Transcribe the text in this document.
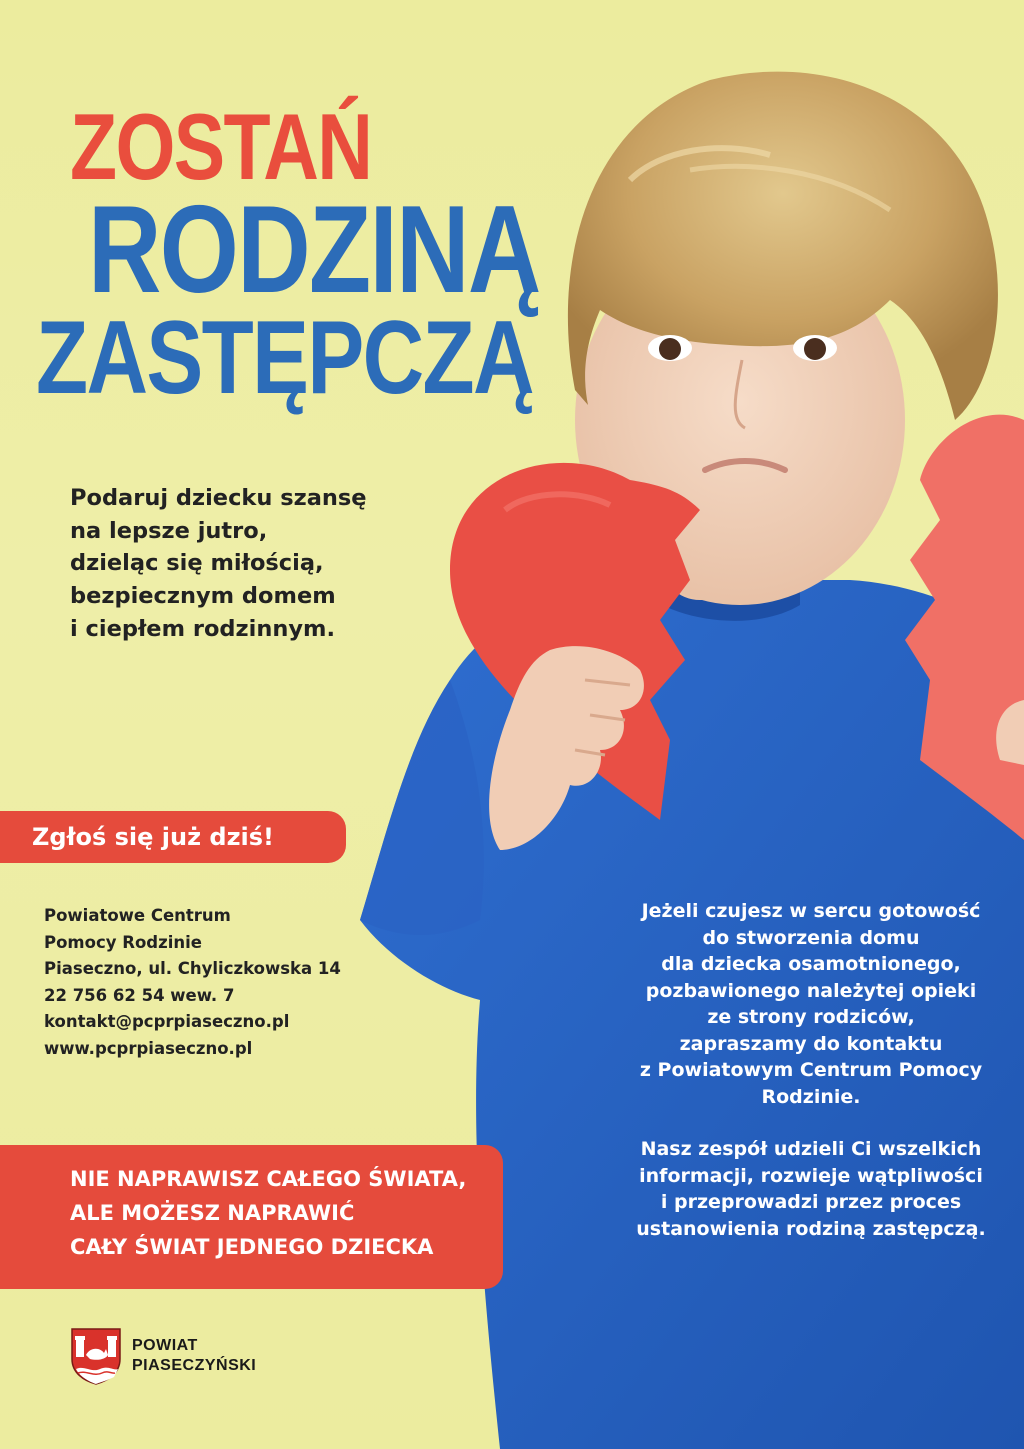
ZOSTAŃ
RODZINĄ
ZASTĘPCZĄ
Podaruj dziecku szansę
na lepsze jutro,
dzieląc się miłością,
bezpiecznym domem
i ciepłem rodzinnym.
Zgłoś się już dziś!
Powiatowe Centrum
Pomocy Rodzinie
Piaseczno, ul. Chyliczkowska 14
22 756 62 54 wew. 7
kontakt@pcprpiaseczno.pl
www.pcprpiaseczno.pl
Jeżeli czujesz w sercu gotowość
do stworzenia domu
dla dziecka osamotnionego,
pozbawionego należytej opieki
ze strony rodziców,
zapraszamy do kontaktu
z Powiatowym Centrum Pomocy
Rodzinie.
Nasz zespół udzieli Ci wszelkich
informacji, rozwieje wątpliwości
i przeprowadzi przez proces
ustanowienia rodziną zastępczą.
NIE NAPRAWISZ CAŁEGO ŚWIATA,
ALE MOŻESZ NAPRAWIĆ
CAŁY ŚWIAT JEDNEGO DZIECKA
POWIAT
PIASECZYŃSKI
